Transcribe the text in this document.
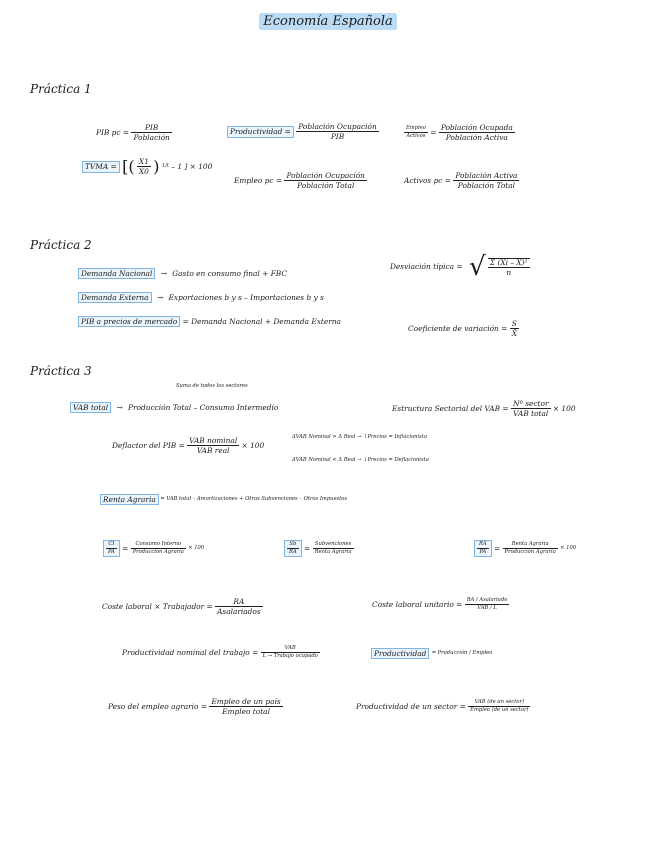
Economía Española
Práctica 1
Práctica 2
Práctica 3
PIB pc = $\frac{\text{PIB}}{\text{Población}}$
TVMA = [( $\frac{X1}{X0}$ ) 1/t – 1 ] × 100
Productividad = $\frac{\text{Población Ocupación}}{\text{PIB}}$
Empleo pc = $\frac{\text{Población Ocupación}}{\text{Población Total}}$
$\frac{\text{Empleo}}{\text{Activos}} = \frac{\text{Población Ocupada}}{\text{Población Activa}}$
Activos pc = $\frac{\text{Población Activa}}{\text{Población Total}}$
Demanda Nacional → Gasto en consumo final + FBC
Demanda Externa → Exportaciones b y s – Importaciones b y s
PIB a precios de mercado = Demanda Nacional + Demanda Externa
Desviación típica = √ $\frac{\text{Σ (Xi – X̄)²}}{n}$
Coeficiente de variación = $\frac{S}{X̄}$
Suma de todos los sectores
VAB total → Producción Total – Consumo Intermedio	Estructura Sectorial del VAB = $\frac{\text{Nº sector}}{\text{VAB total}} \times 100$
Deflactor del PIB = $\frac{\text{VAB nominal}}{\text{VAB real}} \times 100$
ΔVAB Nominal > Δ Real → ↑Precios = Inflacionista
ΔVAB Nominal < Δ Real → ↓Precios = Deflacionista
Renta Agraria = VAB total – Amortizaciones + Otras Subvenciones – Otros Impuestos
$\frac{CI}{PA} = \frac{\text{Consumo Interno}}{\text{Producción Agraria}} \times 100$	$\frac{Sb}{RA} = \frac{\text{Subvenciones}}{\text{Renta Agraria}}$	$\frac{RA}{PA} = \frac{\text{Renta Agraria}}{\text{Producción Agraria}} \times 100$
Coste laboral × Trabajador = $\frac{RA}{\text{Asalariados}}$	Coste laboral unitario = $\frac{\text{RA / Asalariado}}{\text{VAB / L}}$
Productividad nominal del trabajo = $\frac{\text{VAB}}{\text{L → Trabajo ocupado}}$	Productividad = Producción / Empleo
Peso del empleo agrario = $\frac{\text{Empleo de un país}}{\text{Empleo total}}$	Productividad de un sector = $\frac{\text{VAB (de un sector)}}{\text{Empleo (de un sector)}}$
